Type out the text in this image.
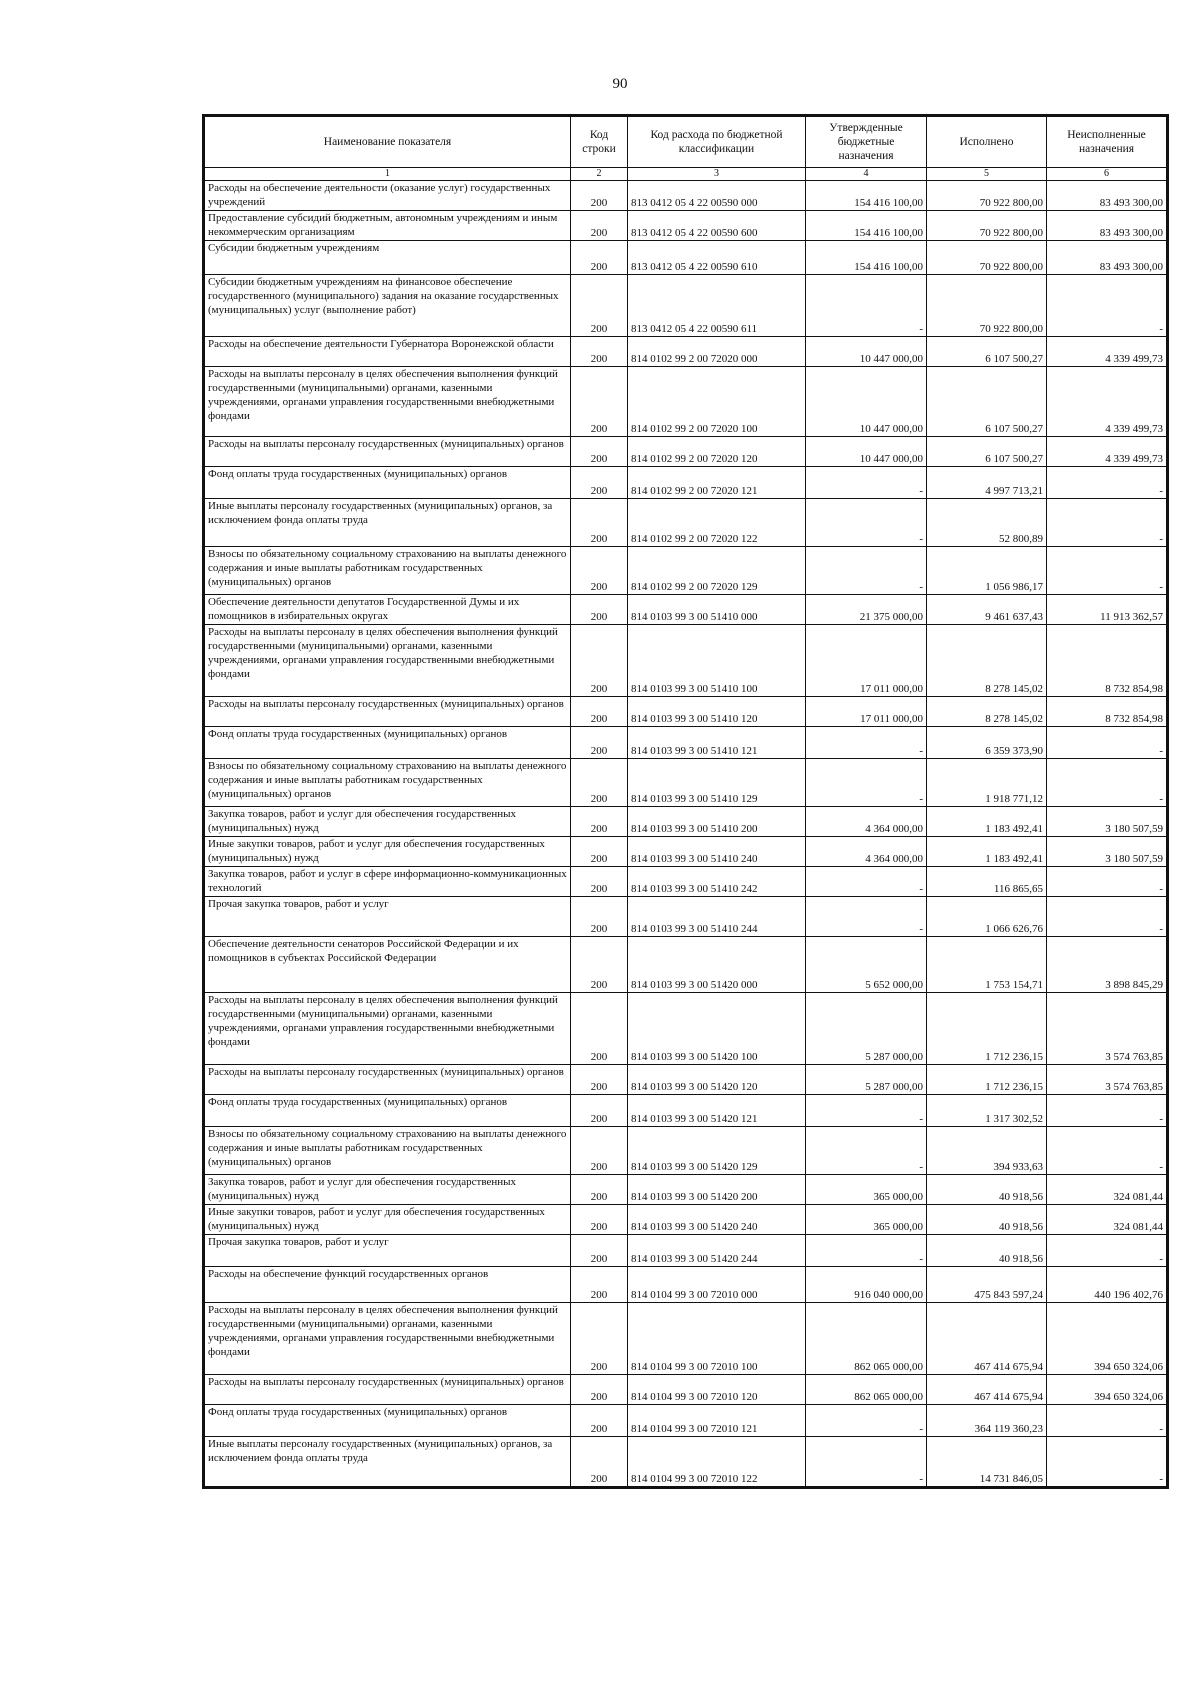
90
Наименование показателя	Код строки	Код расхода по бюджетной классификации	Утвержденные бюджетные назначения	Исполнено	Неисполненные назначения
1	2	3	4	5	6
Расходы на обеспечение деятельности (оказание услуг) государственных учреждений	200	813 0412 05 4 22 00590 000	154 416 100,00	70 922 800,00	83 493 300,00
Предоставление субсидий бюджетным, автономным учреждениям и иным некоммерческим организациям	200	813 0412 05 4 22 00590 600	154 416 100,00	70 922 800,00	83 493 300,00
Субсидии бюджетным учреждениям	200	813 0412 05 4 22 00590 610	154 416 100,00	70 922 800,00	83 493 300,00
Субсидии бюджетным учреждениям на финансовое обеспечение государственного (муниципального) задания на оказание государственных (муниципальных) услуг (выполнение работ)	200	813 0412 05 4 22 00590 611	-	70 922 800,00	-
Расходы на обеспечение деятельности Губернатора Воронежской области	200	814 0102 99 2 00 72020 000	10 447 000,00	6 107 500,27	4 339 499,73
Расходы на выплаты персоналу в целях обеспечения выполнения функций государственными (муниципальными) органами, казенными учреждениями, органами управления государственными внебюджетными фондами	200	814 0102 99 2 00 72020 100	10 447 000,00	6 107 500,27	4 339 499,73
Расходы на выплаты персоналу государственных (муниципальных) органов	200	814 0102 99 2 00 72020 120	10 447 000,00	6 107 500,27	4 339 499,73
Фонд оплаты труда государственных (муниципальных) органов	200	814 0102 99 2 00 72020 121	-	4 997 713,21	-
Иные выплаты персоналу государственных (муниципальных) органов, за исключением фонда оплаты труда	200	814 0102 99 2 00 72020 122	-	52 800,89	-
Взносы по обязательному социальному страхованию на выплаты денежного содержания и иные выплаты работникам государственных (муниципальных) органов	200	814 0102 99 2 00 72020 129	-	1 056 986,17	-
Обеспечение деятельности депутатов Государственной Думы и их помощников в избирательных округах	200	814 0103 99 3 00 51410 000	21 375 000,00	9 461 637,43	11 913 362,57
Расходы на выплаты персоналу в целях обеспечения выполнения функций государственными (муниципальными) органами, казенными учреждениями, органами управления государственными внебюджетными фондами	200	814 0103 99 3 00 51410 100	17 011 000,00	8 278 145,02	8 732 854,98
Расходы на выплаты персоналу государственных (муниципальных) органов	200	814 0103 99 3 00 51410 120	17 011 000,00	8 278 145,02	8 732 854,98
Фонд оплаты труда государственных (муниципальных) органов	200	814 0103 99 3 00 51410 121	-	6 359 373,90	-
Взносы по обязательному социальному страхованию на выплаты денежного содержания и иные выплаты работникам государственных (муниципальных) органов	200	814 0103 99 3 00 51410 129	-	1 918 771,12	-
Закупка товаров, работ и услуг для обеспечения государственных (муниципальных) нужд	200	814 0103 99 3 00 51410 200	4 364 000,00	1 183 492,41	3 180 507,59
Иные закупки товаров, работ и услуг для обеспечения государственных (муниципальных) нужд	200	814 0103 99 3 00 51410 240	4 364 000,00	1 183 492,41	3 180 507,59
Закупка товаров, работ и услуг в сфере информационно-коммуникационных технологий	200	814 0103 99 3 00 51410 242	-	116 865,65	-
Прочая закупка товаров, работ и услуг	200	814 0103 99 3 00 51410 244	-	1 066 626,76	-
Обеспечение деятельности сенаторов Российской Федерации и их помощников в субъектах Российской Федерации	200	814 0103 99 3 00 51420 000	5 652 000,00	1 753 154,71	3 898 845,29
Расходы на выплаты персоналу в целях обеспечения выполнения функций государственными (муниципальными) органами, казенными учреждениями, органами управления государственными внебюджетными фондами	200	814 0103 99 3 00 51420 100	5 287 000,00	1 712 236,15	3 574 763,85
Расходы на выплаты персоналу государственных (муниципальных) органов	200	814 0103 99 3 00 51420 120	5 287 000,00	1 712 236,15	3 574 763,85
Фонд оплаты труда государственных (муниципальных) органов	200	814 0103 99 3 00 51420 121	-	1 317 302,52	-
Взносы по обязательному социальному страхованию на выплаты денежного содержания и иные выплаты работникам государственных (муниципальных) органов	200	814 0103 99 3 00 51420 129	-	394 933,63	-
Закупка товаров, работ и услуг для обеспечения государственных (муниципальных) нужд	200	814 0103 99 3 00 51420 200	365 000,00	40 918,56	324 081,44
Иные закупки товаров, работ и услуг для обеспечения государственных (муниципальных) нужд	200	814 0103 99 3 00 51420 240	365 000,00	40 918,56	324 081,44
Прочая закупка товаров, работ и услуг	200	814 0103 99 3 00 51420 244	-	40 918,56	-
Расходы на обеспечение функций государственных органов	200	814 0104 99 3 00 72010 000	916 040 000,00	475 843 597,24	440 196 402,76
Расходы на выплаты персоналу в целях обеспечения выполнения функций государственными (муниципальными) органами, казенными учреждениями, органами управления государственными внебюджетными фондами	200	814 0104 99 3 00 72010 100	862 065 000,00	467 414 675,94	394 650 324,06
Расходы на выплаты персоналу государственных (муниципальных) органов	200	814 0104 99 3 00 72010 120	862 065 000,00	467 414 675,94	394 650 324,06
Фонд оплаты труда государственных (муниципальных) органов	200	814 0104 99 3 00 72010 121	-	364 119 360,23	-
Иные выплаты персоналу государственных (муниципальных) органов, за исключением фонда оплаты труда	200	814 0104 99 3 00 72010 122	-	14 731 846,05	-
